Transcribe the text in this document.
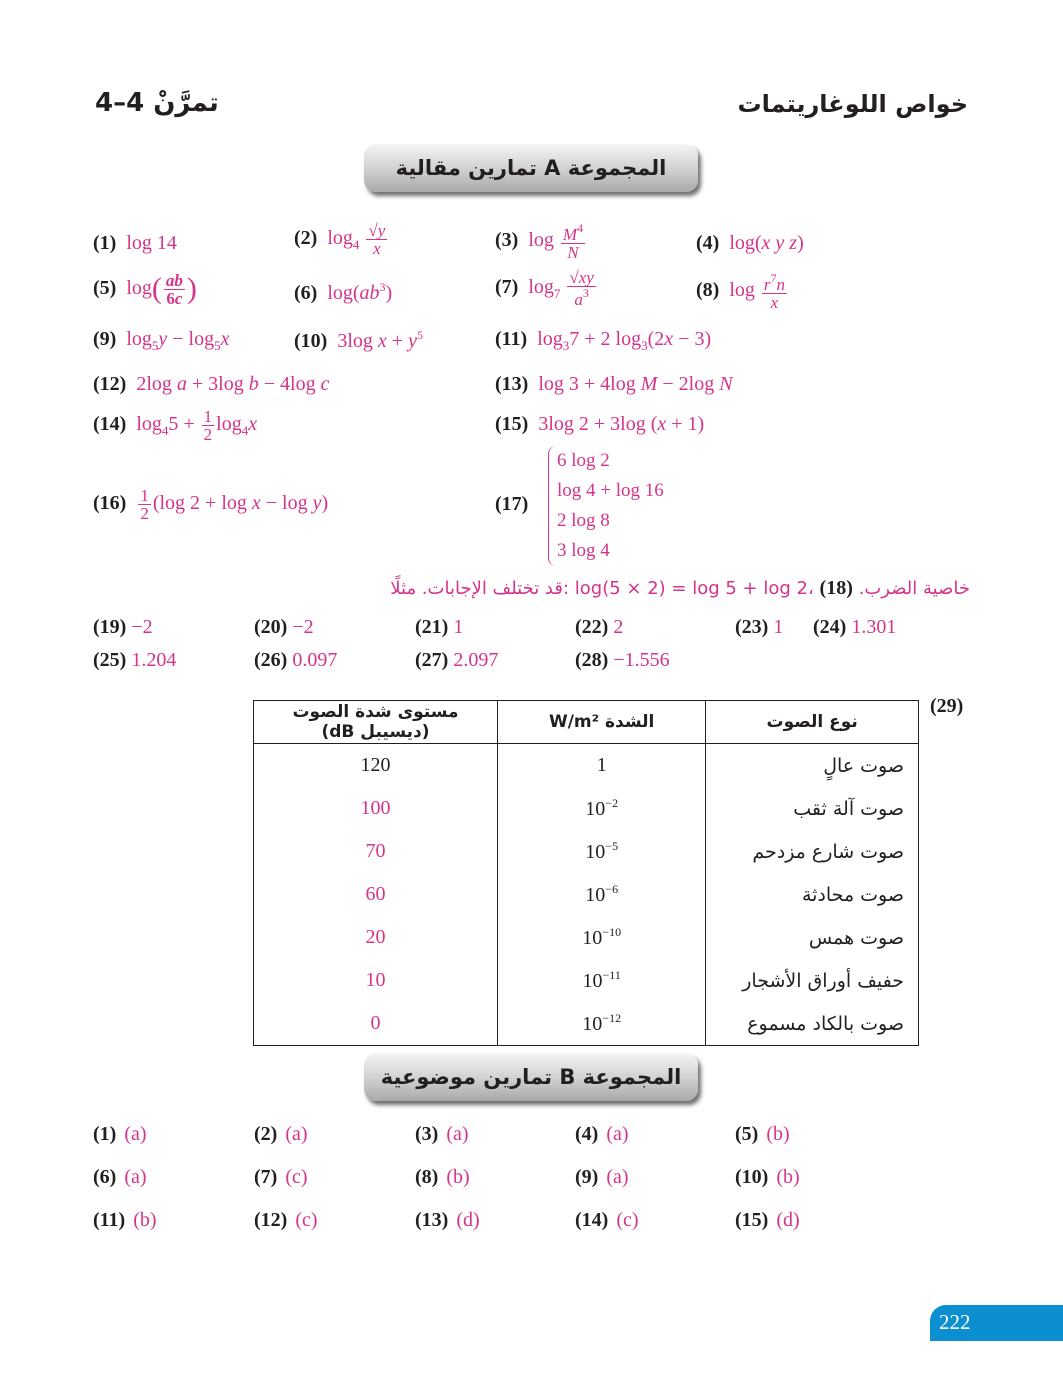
تمرَّنْ 4–4	خواص اللوغاريتمات
المجموعة A تمارين مقالية
(1)  log 14	(2)  $\log_4 \frac{√y}{x}$	(3)  $\log \frac{M^4}{N}$	(4)  log(x y z)
(5)  $\log( \frac{ab}{6c}$ )	(6)  $\log(ab^3)$	(7)  $\log_7 \frac{√xy}{a^3}$	(8)  $\log \frac{r^7n}{x}$
(9)  $\log_5y - \log_5x$	(10)  3log $x + y^5$	(11)  $\log_37 + 2$ $\log_3(2x - 3)$
(12)  2log a + 3log b − 4log c	(13)  log 3 + 4log M − 2log N
(14)  $\log_45 + \frac{1}{2} \log_4x$	(15)  3log 2 + 3log (x + 1)
$(16) \frac{1}{2} (\log$ 2 + log x − log y)	(17)
6 log 2
log 4 + log 16
2 log 8
3 log 4
قد تختلف الإجابات. مثلًا: log(5 × 2) = log 5 + log 2، خاصية الضرب. (18)
(19) −2	(20) −2	(21) 1	(22) 2	(23) 1 (24) 1.301
(25) 1.204	(26) 0.097	(27) 2.097	(28) −1.556
(29)
مستوى شدة الصوت (ديسيبل dB)	الشدة W/m²	نوع الصوت
120	1	صوت عالٍ
100	$10^{-2}$	صوت آلة ثقب
70	$10^{-5}$	صوت شارع مزدحم
60	$10^{-6}$	صوت محادثة
20	$10^{-10}$	صوت همس
10	$10^{-11}$	حفيف أوراق الأشجار
0	$10^{-12}$	صوت بالكاد مسموع
المجموعة B تمارين موضوعية
(1) (a)	(2) (a)	(3) (a)	(4) (a)	(5) (b)
(6) (a)	(7) (c)	(8) (b)	(9) (a)	(10) (b)
(11) (b)	(12) (c)	(13) (d)	(14) (c)	(15) (d)
222
